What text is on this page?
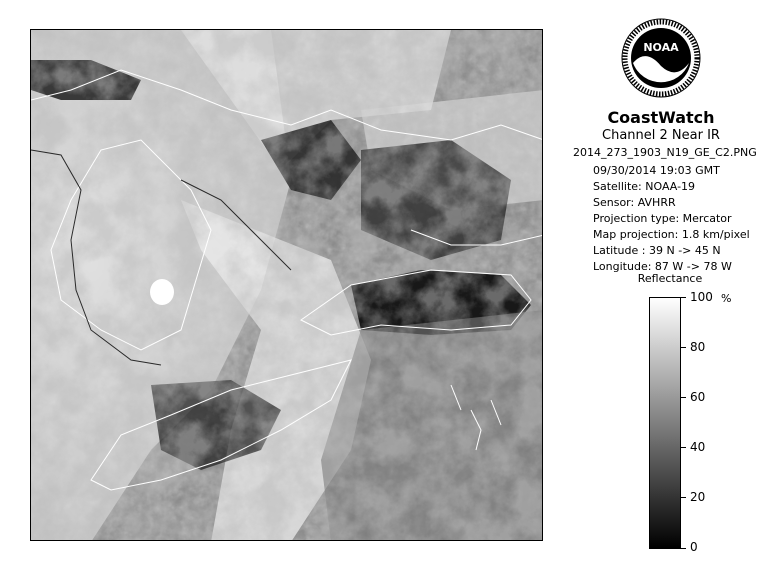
NOAA
CoastWatch
Channel 2 Near IR
2014_273_1903_N19_GE_C2.PNG
09/30/2014 19:03 GMT
Satellite: NOAA-19
Sensor: AVHRR
Projection type: Mercator
Map projection: 1.8 km/pixel
Latitude : 39 N -> 45 N
Longitude: 87 W -> 78 W
Reflectance
%
100
80
60
40
20
0
